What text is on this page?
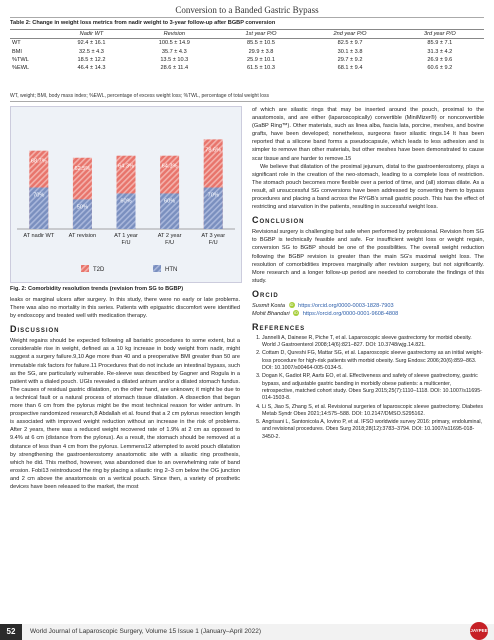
Conversion to a Banded Gastric Bypass
Table 2: Change in weight loss metrics from nadir weight to 3-year follow-up after BGBP conversion
	Nadir WT	Revision	1st year P/O	2nd year P/O	3rd year P/O
WT	92.4 ± 16.1	100.5 ± 14.9	85.5 ± 10.5	82.5 ± 9.7	85.9 ± 7.1
BMI	32.5 ± 4.3	35.7 ± 4.3	29.9 ± 3.8	30.1 ± 3.8	31.3 ± 4.2
%TWL	18.5 ± 12.2	13.5 ± 10.3	25.9 ± 10.1	29.7 ± 9.2	26.9 ± 9.6
%EWL	46.4 ± 14.3	28.6 ± 11.4	61.5 ± 10.3	68.1 ± 9.4	60.6 ± 9.2
WT, weight; BMI, body mass index; %EWL, percentage of excess weight loss; %TWL, percentage of total weight loss
68.7%
70%
AT nadir WT
62.5%
50%
AT revision
64.3%
60%
AT 1 year
F/U
64.3%
60%
AT 2 year
F/U
78.6%
70%
AT 3 year
F/U
T2D	HTN
Fig. 2: Comorbidity resolution trends (revision from SG to BGBP)

leaks or marginal ulcers after surgery. In this study, there were no early or late problems. There was also no mortality in this series. Patients with epigastric discomfort were identified by endoscopy and treated well with medication therapy.

Discussion

Weight regains should be expected following all bariatric procedures to some extent, but a considerable rise in weight, defined as a 10 kg increase in body weight from nadir, might suggest a surgery failure.9,10 Age more than 40 and a preoperative BMI greater than 50 are immutable risk factors for failure.11 Procedures that do not include an intestinal bypass, such as the SG, are particularly vulnerable. Re-sleeve was described by Gagner and Rogula in a patient with a dialed pouch. UGIs revealed a dilated antrum and/or a dilated stomach fundus. The causes of residual gastric dilatation, on the other hand, are unknown; it might be due to a technical fault or a natural process of stomach tissue dilatation. A dissection that began more than 6 cm from the pylorus might be the most technical reason for wider antrum. In prospective randomized research,8 Abdallah et al. found that a 2 cm pylorus resection length is associated with improved weight reduction without an increase in the risk of problems. After 2 years, there was a reduced weight recovered rate of 1.9% at 2 cm as opposed to 9.4% at 6 cm (distance from the pylorus). As a result, the stomach should be removed at a distance of less than 4 cm from the pylorus. Lemmens12 attempted to avoid pouch dilatation by strengthening the gastroenterostomy anastomotic site with a silastic ring prosthesis, which he did. This method, however, was abandoned due to an overwhelming rate of band erosion. Fobi13 reintroduced the ring by placing a silastic ring 2–3 cm below the OG junction and 2 cm above the anastomosis on a vertical pouch. Since then, a variety of prosthetic devices have been released to the market, the most

of which are silastic rings that may be inserted around the pouch, proximal to the anastomosis, and are either (laparoscopically) convertible (MiniMizer®) or nonconvertible (GaBP Ring™). Other materials, such as linea alba, fascia lata, porcine, meshes, and bovine grafts, have been developed; nonetheless, surgeons favor silastic rings.14 It has been reported that a silicone band forms a pseudocapsule, which leads to less adhesion and is simpler to remove than other materials, but other meshes have been demonstrated to cause scar tissue and are harder to remove.15

We believe that dilatation of the proximal jejunum, distal to the gastroenterostomy, plays a significant role in the creation of the neo-stomach, leading to a complete loss of restriction. The stomach pouch becomes more flexible over a period of time, and (all) stomas dilate. As a result, all unsuccessful SG conversions have been addressed by converting them to bypass procedures and placing a band across the RYGB's small gastric pouch. This has the effect of restricting and starvation in the patients, resulting in successful weight loss.

Conclusion

Revisional surgery is challenging but safe when performed by professional. Revision from SG to BGBP is technically feasible and safe. For insufficient weight loss or weight regain, conversion SG to BGBP should be one of the possibilities. The overall weight reduction following the BGBP revision is greater than the main SG's maximal weight loss. The resolution of comorbidities improves marginally after revision surgery, but not significantly. More research and a longer follow-up period are needed to corroborate the findings of this study.

Orcid
Susmit Kosta iD https://orcid.org/0000-0003-1828-7903
Mohit Bhandari iD https://orcid.org/0000-0001-9608-4808
References
1. Jannelli A, Dainese R, Piche T, et al. Laparoscopic sleeve gastrectomy for morbid obesity. World J Gastroenterol 2008;14(6):821–827. DOI: 10.3748/wjg.14.821.
2. Cottam D, Qureshi FG, Mattar SG, et al. Laparoscopic sleeve gastrectomy as an initial weight-loss procedure for high-risk patients with morbid obesity. Surg Endosc 2006;20(6):859–863. DOI: 10.1007/s00464-005-0134-5.
3. Dogan K, Gadiot RP, Aarts EO, et al. Effectiveness and safety of sleeve gastrectomy, gastric bypass, and adjustable gastric banding in morbidly obese patients: a multicenter, retrospective, matched cohort study. Obes Surg 2015;25(7):1110–1118. DOI: 10.1007/s11695-014-1503-8.
4. Li S, Jiao S, Zhang S, et al. Revisional surgeries of laparoscopic sleeve gastrectomy. Diabetes Metab Syndr Obes 2021;14:575–588. DOI: 10.2147/DMSO.S295162.
5. Angrisani L, Santonicola A, Iovino P, et al. IFSO worldwide survey 2016: primary, endoluminal, and revisional procedures. Obes Surg 2018;28(12):3783–3794. DOI: 10.1007/s11695-018-3450-2.
52	World Journal of Laparoscopic Surgery, Volume 15 Issue 1 (January–April 2022)	JAYPEE
